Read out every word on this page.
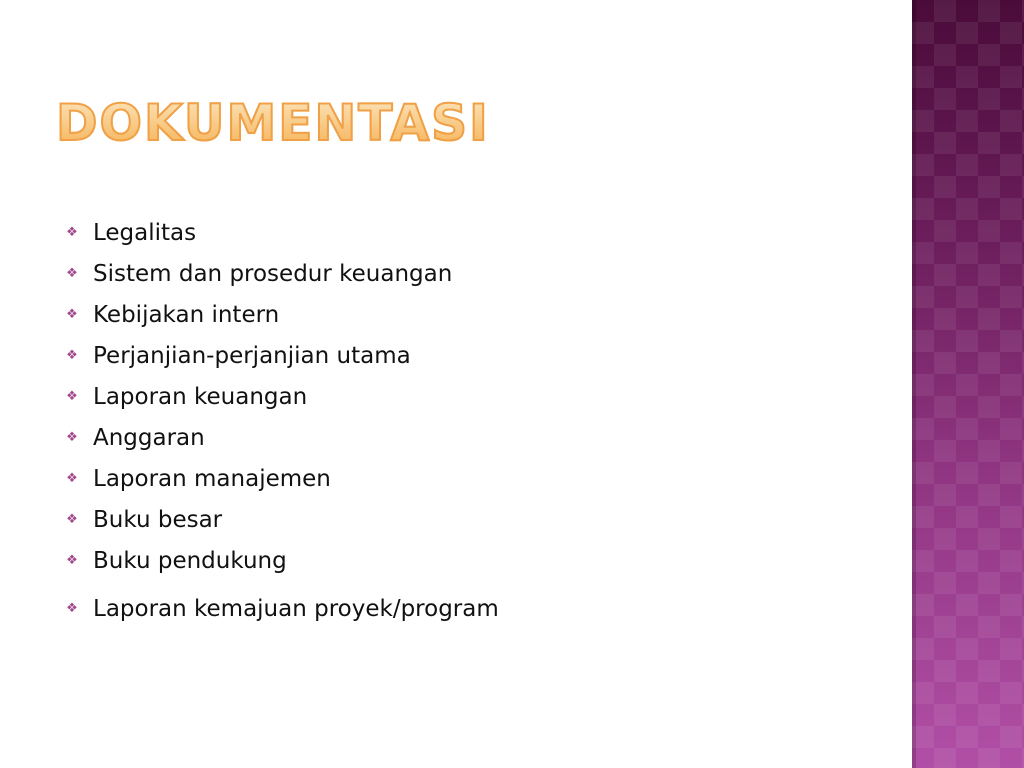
DOKUMENTASI
❖ Legalitas
❖ Sistem dan prosedur keuangan
❖ Kebijakan intern
❖ Perjanjian-perjanjian utama
❖ Laporan keuangan
❖ Anggaran
❖ Laporan manajemen
❖ Buku besar
❖ Buku pendukung
❖ Laporan kemajuan proyek/program
